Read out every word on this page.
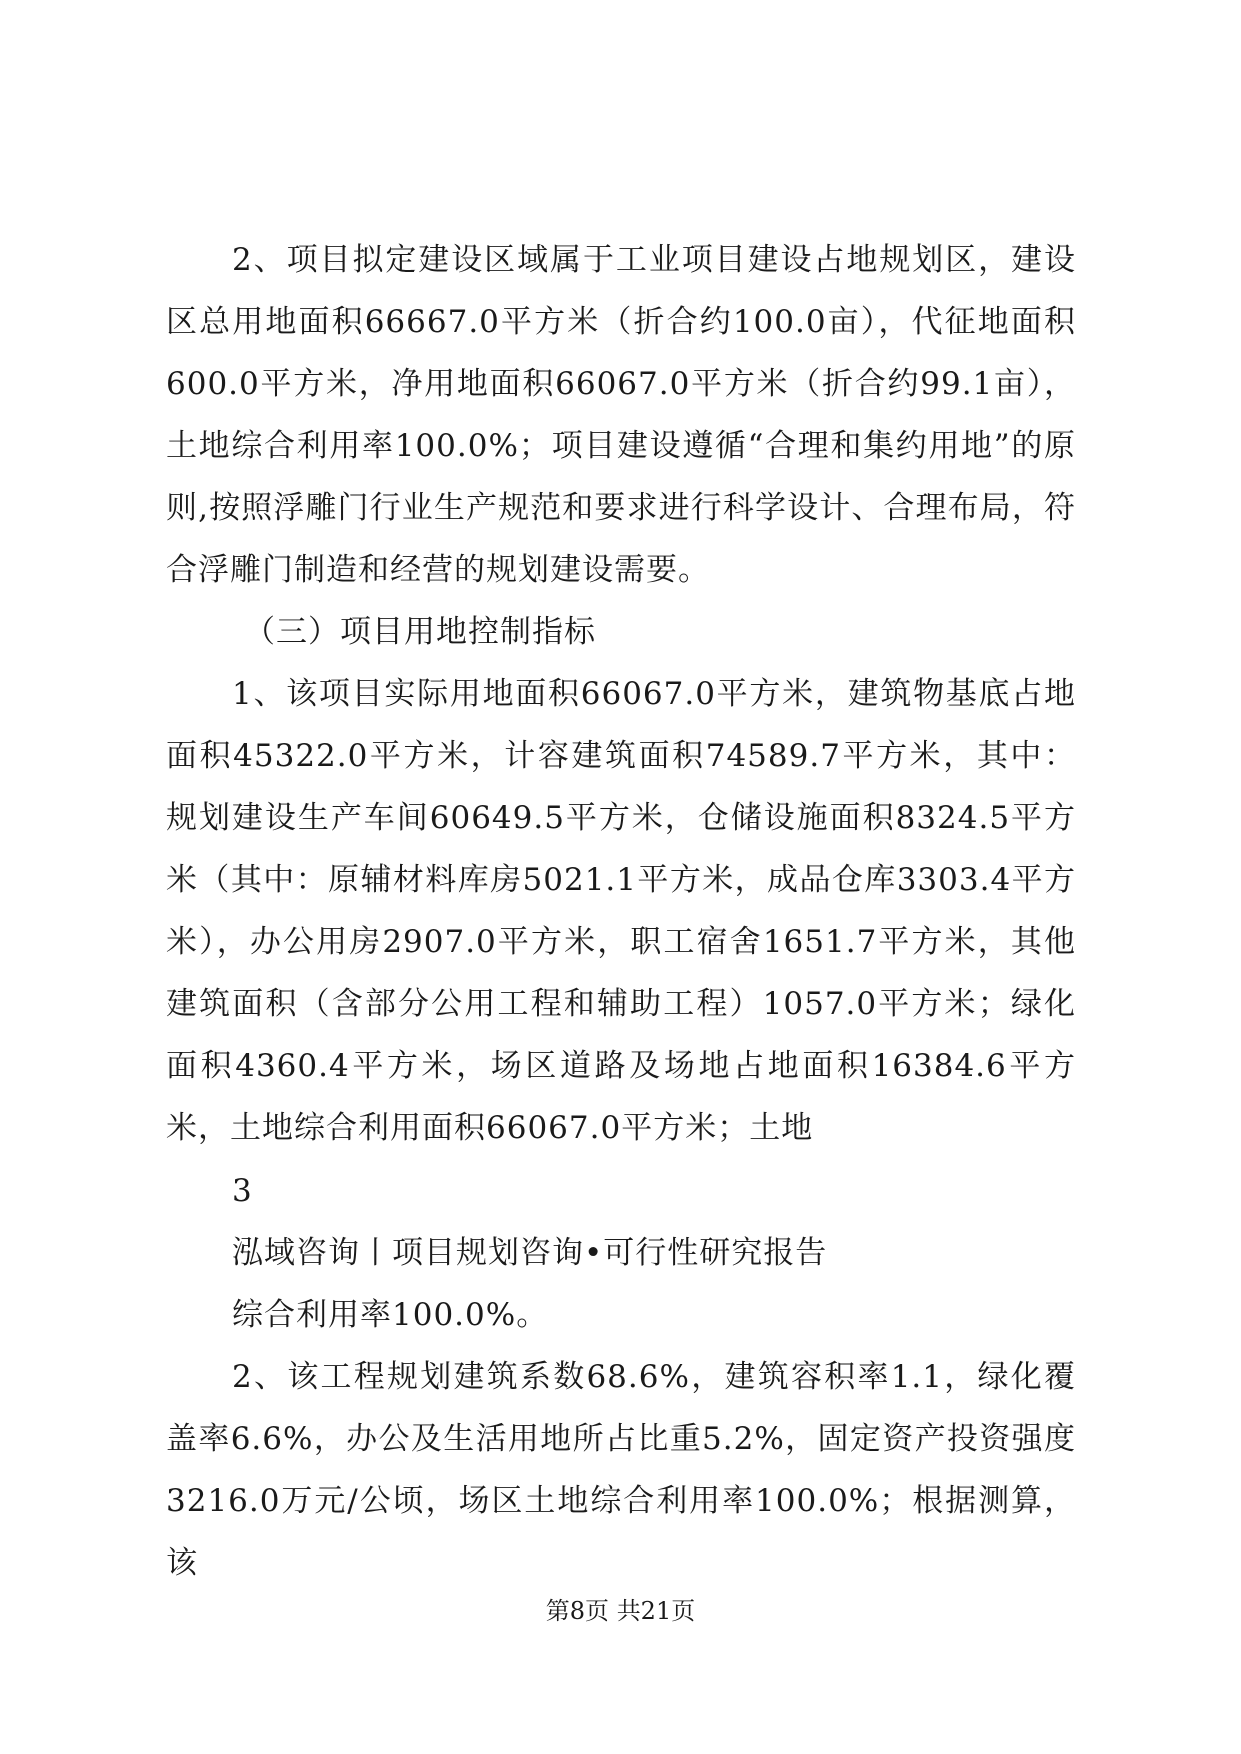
2、项目拟定建设区域属于工业项目建设占地规划区，建设区总用地面积66667.0平方米（折合约100.0亩），代征地面积600.0平方米，净用地面积66067.0平方米（折合约99.1亩），土地综合利用率100.0%；项目建设遵循“合理和集约用地”的原则,按照浮雕门行业生产规范和要求进行科学设计、合理布局，符合浮雕门制造和经营的规划建设需要。

（三）项目用地控制指标

1、该项目实际用地面积66067.0平方米，建筑物基底占地面积45322.0平方米，计容建筑面积74589.7平方米，其中：规划建设生产车间60649.5平方米，仓储设施面积8324.5平方米（其中：原辅材料库房5021.1平方米，成品仓库3303.4平方米），办公用房2907.0平方米，职工宿舍1651.7平方米，其他建筑面积（含部分公用工程和辅助工程）1057.0平方米；绿化面积4360.4平方米，场区道路及场地占地面积16384.6平方米，土地综合利用面积66067.0平方米；土地

3

泓域咨询丨项目规划咨询•可行性研究报告

综合利用率100.0%。

2、该工程规划建筑系数68.6%，建筑容积率1.1，绿化覆盖率6.6%，办公及生活用地所占比重5.2%，固定资产投资强度3216.0万元/公顷，场区土地综合利用率100.0%；根据测算，该

第8页 共21页
